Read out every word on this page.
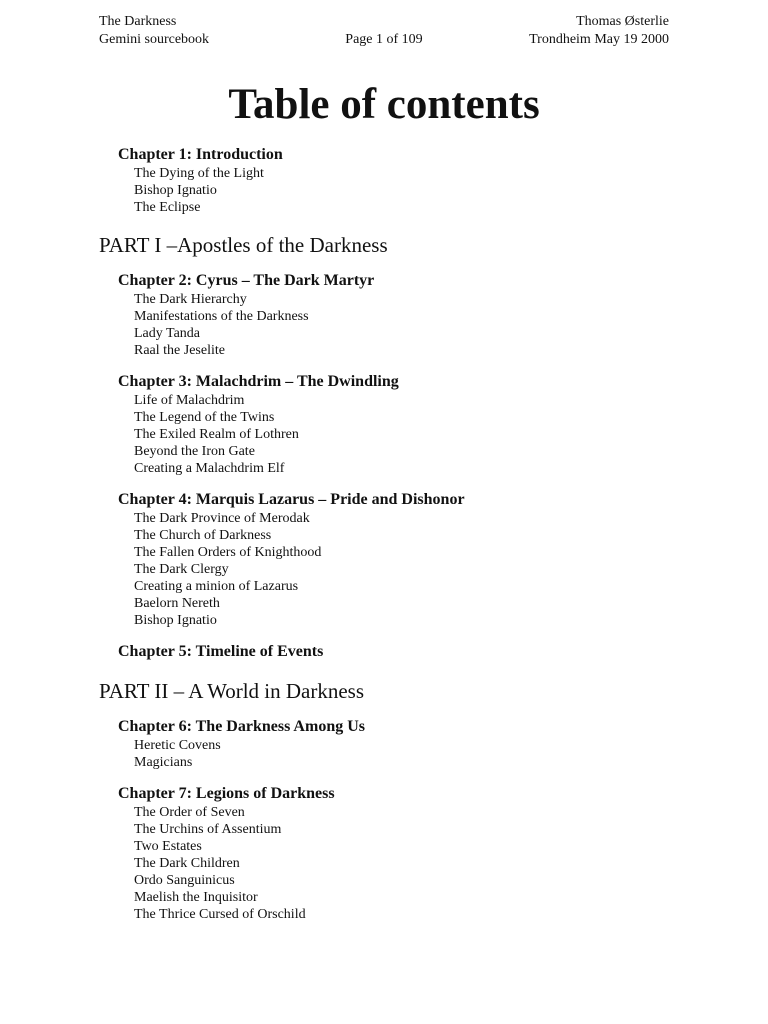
The Darkness	Thomas Østerlie
Gemini sourcebook	Page 1 of 109	Trondheim May 19 2000
Table of contents
Chapter 1: Introduction
The Dying of the Light
Bishop Ignatio
The Eclipse
PART I –Apostles of the Darkness
Chapter 2: Cyrus – The Dark Martyr
The Dark Hierarchy
Manifestations of the Darkness
Lady Tanda
Raal the Jeselite
Chapter 3: Malachdrim – The Dwindling
Life of Malachdrim
The Legend of the Twins
The Exiled Realm of Lothren
Beyond the Iron Gate
Creating a Malachdrim Elf
Chapter 4: Marquis Lazarus – Pride and Dishonor
The Dark Province of Merodak
The Church of Darkness
The Fallen Orders of Knighthood
The Dark Clergy
Creating a minion of Lazarus
Baelorn Nereth
Bishop Ignatio
Chapter 5: Timeline of Events
PART II – A World in Darkness
Chapter 6: The Darkness Among Us
Heretic Covens
Magicians
Chapter 7: Legions of Darkness
The Order of Seven
The Urchins of Assentium
Two Estates
The Dark Children
Ordo Sanguinicus
Maelish the Inquisitor
The Thrice Cursed of Orschild
